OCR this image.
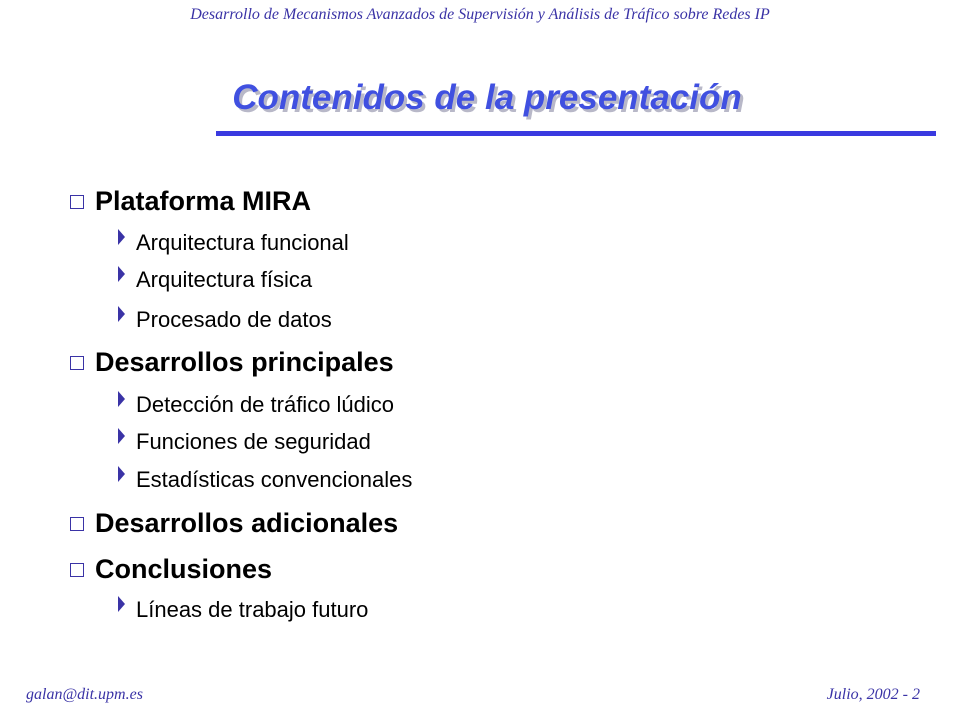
Desarrollo de Mecanismos Avanzados de Supervisión y Análisis de Tráfico sobre Redes IP
Contenidos de la presentación
Plataforma MIRA
Arquitectura funcional
Arquitectura física
Procesado de datos
Desarrollos principales
Detección de tráfico lúdico
Funciones de seguridad
Estadísticas convencionales
Desarrollos adicionales
Conclusiones
Líneas de trabajo futuro
galan@dit.upm.es	Julio, 2002 - 2
